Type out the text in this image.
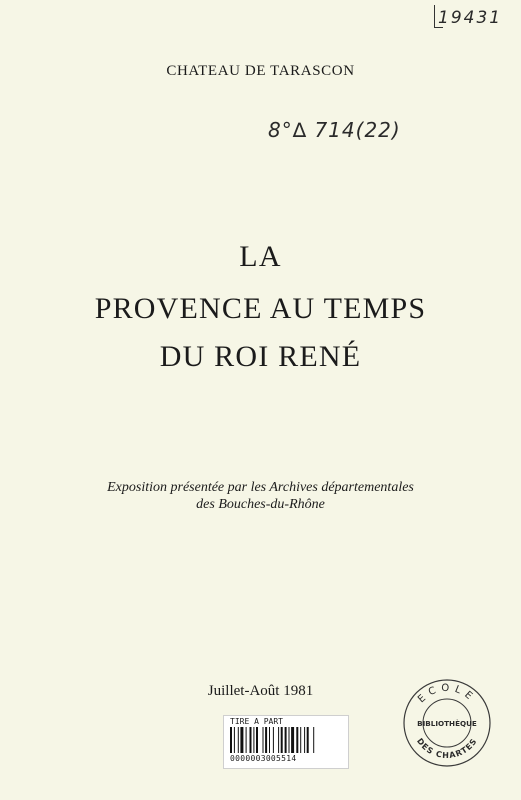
19431
CHATEAU DE TARASCON
8°∆ 714(22)
LA
PROVENCE AU TEMPS
DU ROI RENÉ
Exposition présentée par les Archives départementales
des Bouches-du-Rhône
Juillet-Août 1981
TIRE A PART
0000003005514
ECOLE
BIBLIOTHÈQUE
DES CHARTES
